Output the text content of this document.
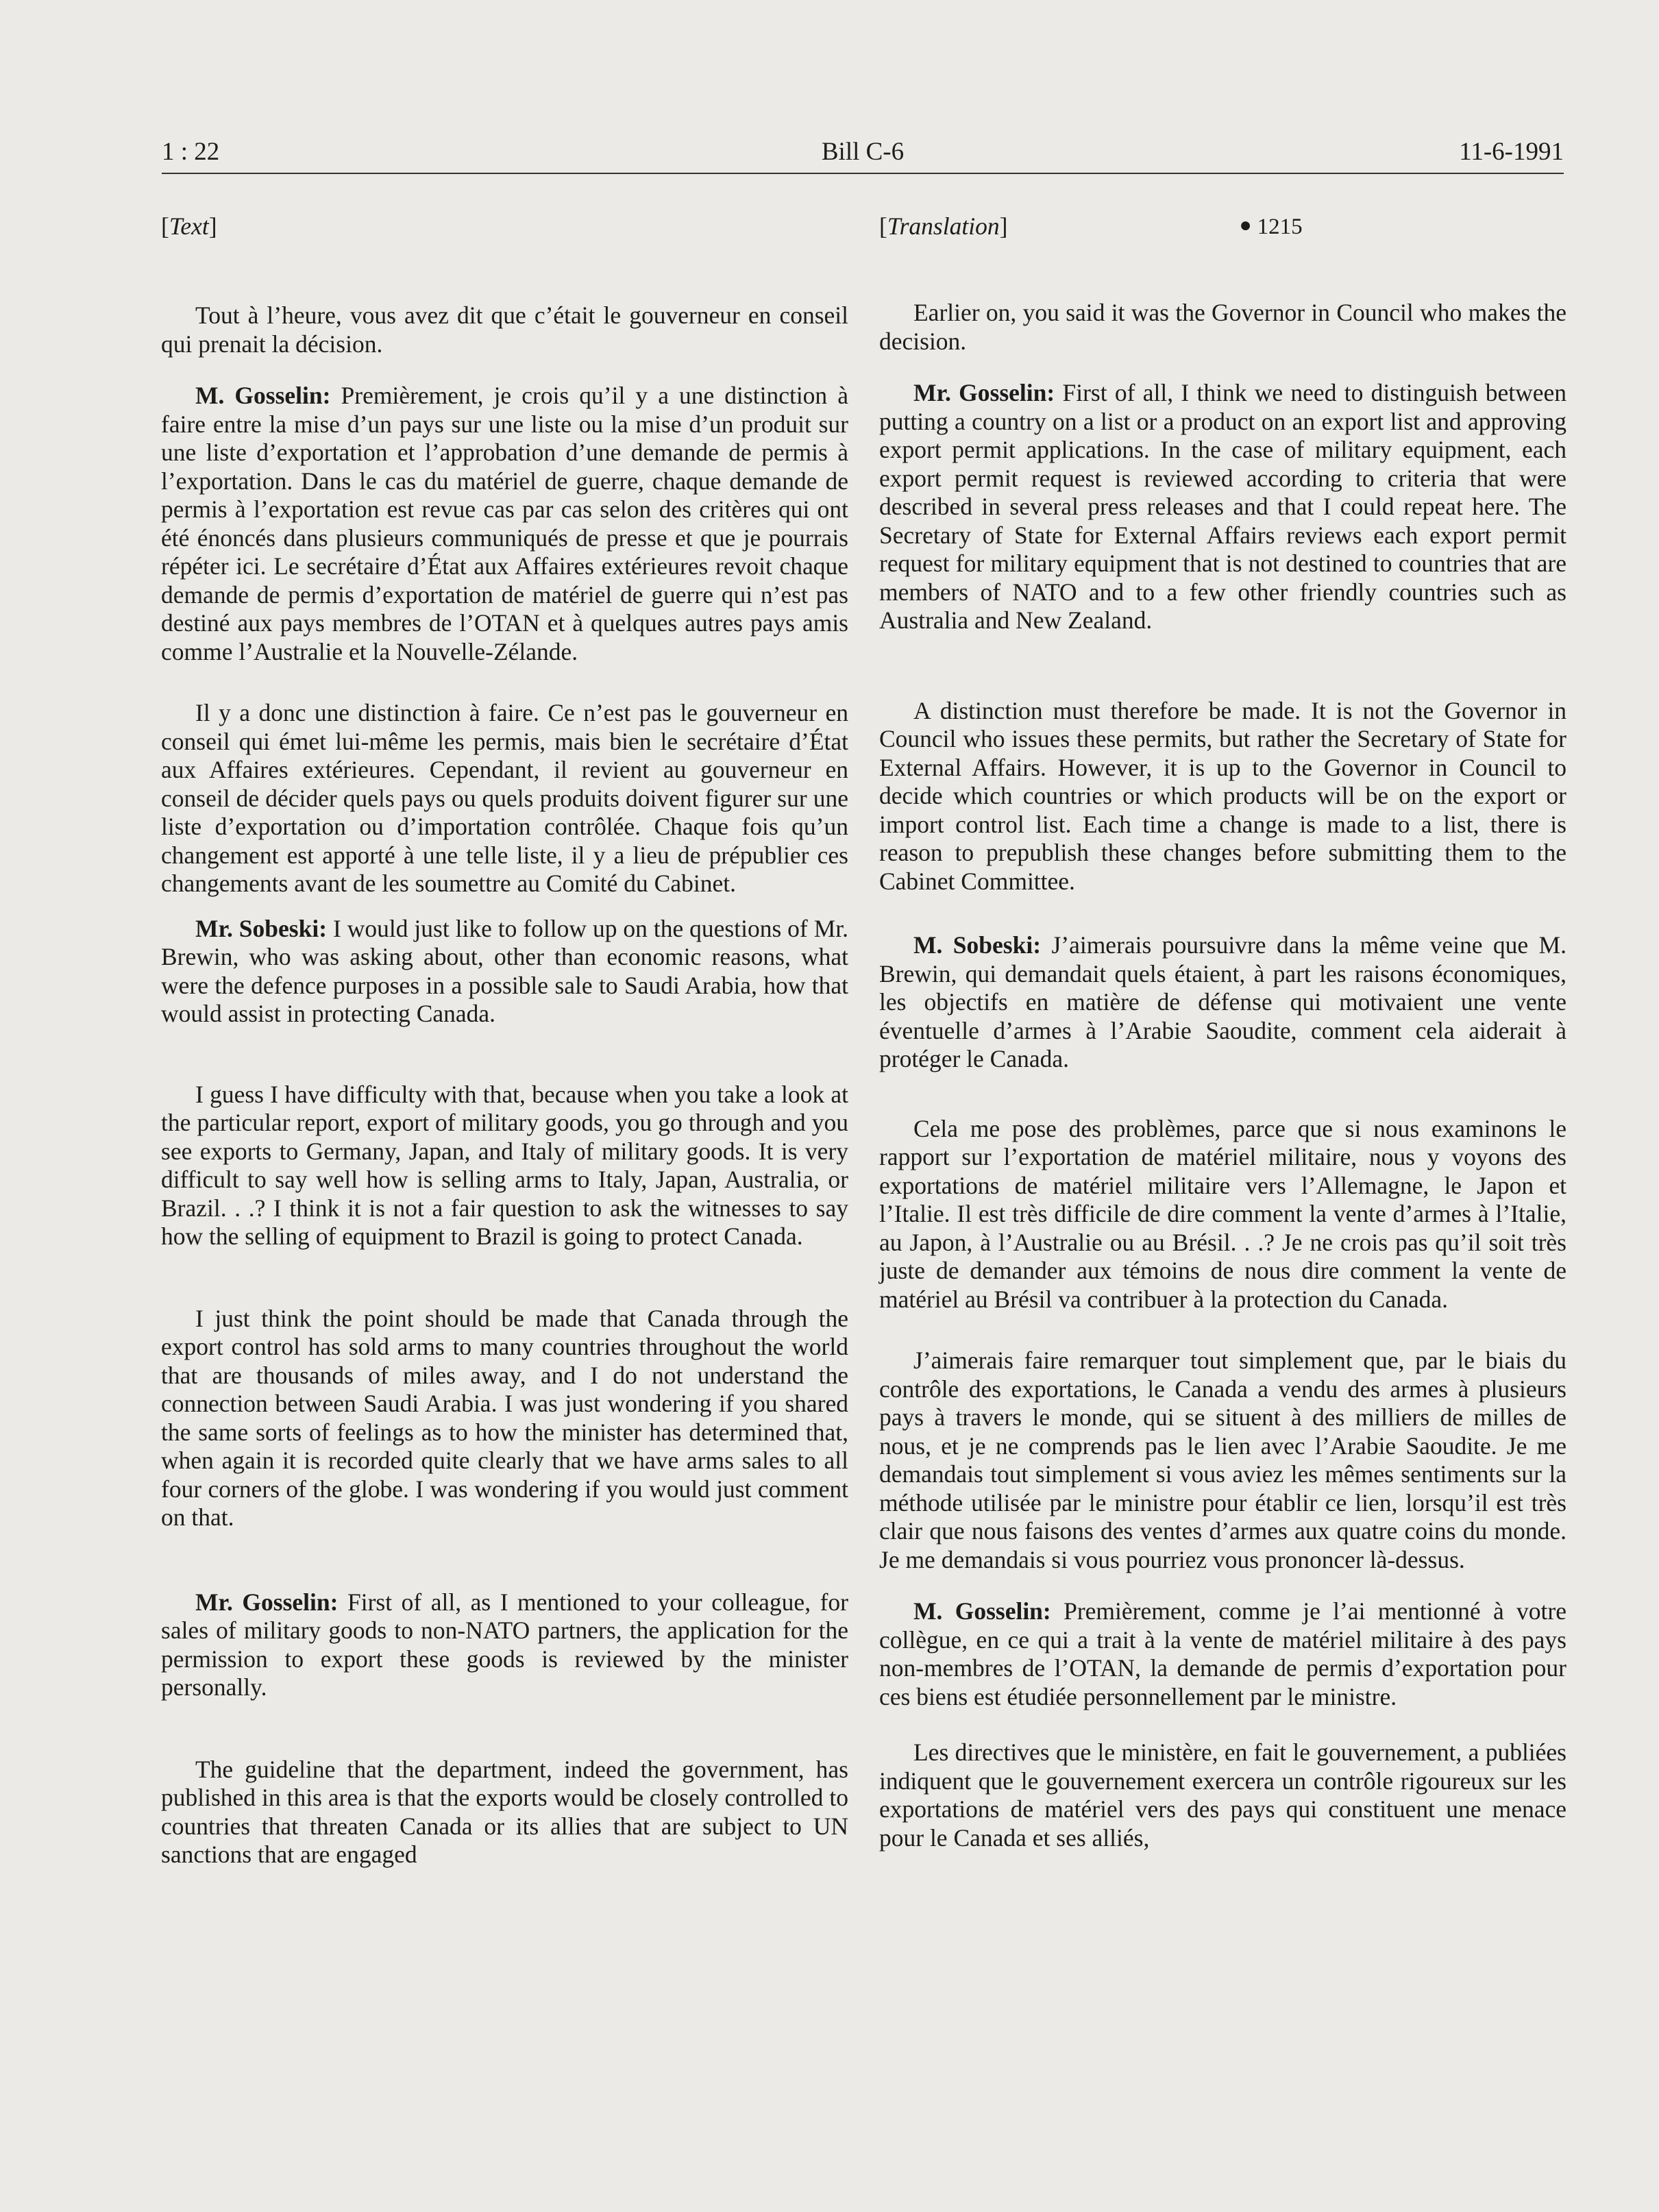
1 : 22	Bill C-6	11-6-1991
[Text]

Tout à l’heure, vous avez dit que c’était le gouverneur en conseil qui prenait la décision.

M. Gosselin: Premièrement, je crois qu’il y a une distinction à faire entre la mise d’un pays sur une liste ou la mise d’un produit sur une liste d’exportation et l’approbation d’une demande de permis à l’exportation. Dans le cas du matériel de guerre, chaque demande de permis à l’exportation est revue cas par cas selon des critères qui ont été énoncés dans plusieurs communiqués de presse et que je pourrais répéter ici. Le secrétaire d’État aux Affaires extérieures revoit chaque demande de permis d’exportation de matériel de guerre qui n’est pas destiné aux pays membres de l’OTAN et à quelques autres pays amis comme l’Australie et la Nouvelle-Zélande.

Il y a donc une distinction à faire. Ce n’est pas le gouverneur en conseil qui émet lui-même les permis, mais bien le secrétaire d’État aux Affaires extérieures. Cependant, il revient au gouverneur en conseil de décider quels pays ou quels produits doivent figurer sur une liste d’exportation ou d’importation contrôlée. Chaque fois qu’un changement est apporté à une telle liste, il y a lieu de prépublier ces changements avant de les soumettre au Comité du Cabinet.

Mr. Sobeski: I would just like to follow up on the questions of Mr. Brewin, who was asking about, other than economic reasons, what were the defence purposes in a possible sale to Saudi Arabia, how that would assist in protecting Canada.

I guess I have difficulty with that, because when you take a look at the particular report, export of military goods, you go through and you see exports to Germany, Japan, and Italy of military goods. It is very difficult to say well how is selling arms to Italy, Japan, Australia, or Brazil. . .? I think it is not a fair question to ask the witnesses to say how the selling of equipment to Brazil is going to protect Canada.

I just think the point should be made that Canada through the export control has sold arms to many countries throughout the world that are thousands of miles away, and I do not understand the connection between Saudi Arabia. I was just wondering if you shared the same sorts of feelings as to how the minister has determined that, when again it is recorded quite clearly that we have arms sales to all four corners of the globe. I was wondering if you would just comment on that.

Mr. Gosselin: First of all, as I mentioned to your colleague, for sales of military goods to non-NATO partners, the application for the permission to export these goods is reviewed by the minister personally.

The guideline that the department, indeed the government, has published in this area is that the exports would be closely controlled to countries that threaten Canada or its allies that are subject to UN sanctions that are engaged

[Translation]	● 1215

Earlier on, you said it was the Governor in Council who makes the decision.

Mr. Gosselin: First of all, I think we need to distinguish between putting a country on a list or a product on an export list and approving export permit applications. In the case of military equipment, each export permit request is reviewed according to criteria that were described in several press releases and that I could repeat here. The Secretary of State for External Affairs reviews each export permit request for military equipment that is not destined to countries that are members of NATO and to a few other friendly countries such as Australia and New Zealand.

A distinction must therefore be made. It is not the Governor in Council who issues these permits, but rather the Secretary of State for External Affairs. However, it is up to the Governor in Council to decide which countries or which products will be on the export or import control list. Each time a change is made to a list, there is reason to prepublish these changes before submitting them to the Cabinet Committee.

M. Sobeski: J’aimerais poursuivre dans la même veine que M. Brewin, qui demandait quels étaient, à part les raisons économiques, les objectifs en matière de défense qui motivaient une vente éventuelle d’armes à l’Arabie Saoudite, comment cela aiderait à protéger le Canada.

Cela me pose des problèmes, parce que si nous examinons le rapport sur l’exportation de matériel militaire, nous y voyons des exportations de matériel militaire vers l’Allemagne, le Japon et l’Italie. Il est très difficile de dire comment la vente d’armes à l’Italie, au Japon, à l’Australie ou au Brésil. . .? Je ne crois pas qu’il soit très juste de demander aux témoins de nous dire comment la vente de matériel au Brésil va contribuer à la protection du Canada.

J’aimerais faire remarquer tout simplement que, par le biais du contrôle des exportations, le Canada a vendu des armes à plusieurs pays à travers le monde, qui se situent à des milliers de milles de nous, et je ne comprends pas le lien avec l’Arabie Saoudite. Je me demandais tout simplement si vous aviez les mêmes sentiments sur la méthode utilisée par le ministre pour établir ce lien, lorsqu’il est très clair que nous faisons des ventes d’armes aux quatre coins du monde. Je me demandais si vous pourriez vous prononcer là-dessus.

M. Gosselin: Premièrement, comme je l’ai mentionné à votre collègue, en ce qui a trait à la vente de matériel militaire à des pays non-membres de l’OTAN, la demande de permis d’exportation pour ces biens est étudiée personnellement par le ministre.

Les directives que le ministère, en fait le gouvernement, a publiées indiquent que le gouvernement exercera un contrôle rigoureux sur les exportations de matériel vers des pays qui constituent une menace pour le Canada et ses alliés,
